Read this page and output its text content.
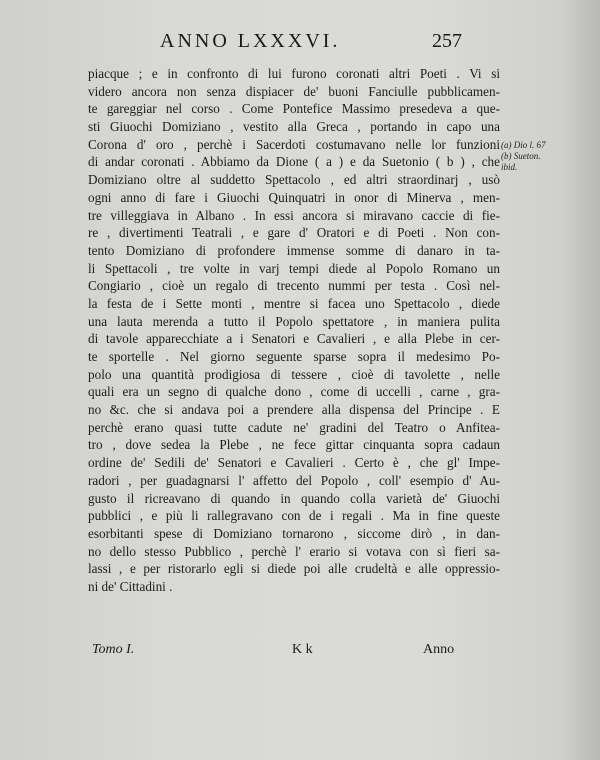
ANNO LXXXVI.	257
piacque ; e in confronto di lui furono coronati altri Poeti . Vi si
videro ancora non senza dispiacer de' buoni Fanciulle pubblicamen-
te gareggiar nel corso . Come Pontefice Massimo presedeva a que-
sti Giuochi Domiziano , vestito alla Greca , portando in capo una
Corona d' oro , perchè i Sacerdoti costumavano nelle lor funzioni
di andar coronati . Abbiamo da Dione ( a ) e da Suetonio ( b ) , che
Domiziano oltre al suddetto Spettacolo , ed altri straordinarj , usò
ogni anno di fare i Giuochi Quinquatri in onor di Minerva , men-
tre villeggiava in Albano . In essi ancora si miravano caccie di fie-
re , divertimenti Teatrali , e gare d' Oratori e di Poeti . Non con-
tento Domiziano di profondere immense somme di danaro in ta-
li Spettacoli , tre volte in varj tempi diede al Popolo Romano un
Congiario , cioè un regalo di trecento nummi per testa . Così nel-
la festa de i Sette monti , mentre si facea uno Spettacolo , diede
una lauta merenda a tutto il Popolo spettatore , in maniera pulita
di tavole apparecchiate a i Senatori e Cavalieri , e alla Plebe in cer-
te sportelle . Nel giorno seguente sparse sopra il medesimo Po-
polo una quantità prodigiosa di tessere , cioè di tavolette , nelle
quali era un segno di qualche dono , come di uccelli , carne , gra-
no &c. che si andava poi a prendere alla dispensa del Principe . E
perchè erano quasi tutte cadute ne' gradini del Teatro o Anfitea-
tro , dove sedea la Plebe , ne fece gittar cinquanta sopra cadaun
ordine de' Sedili de' Senatori e Cavalieri . Certo è , che gl' Impe-
radori , per guadagnarsi l' affetto del Popolo , coll' esempio d' Au-
gusto il ricreavano di quando in quando colla varietà de' Giuochi
pubblici , e più li rallegravano con de i regali . Ma in fine queste
esorbitanti spese di Domiziano tornarono , siccome dirò , in dan-
no dello stesso Pubblico , perchè l' erario si votava con sì fieri sa-
lassi , e per ristorarlo egli si diede poi alle crudeltà e alle oppressio-
ni de' Cittadini .
(a) Dio l. 67
(b) Sueton.
ibid.

Tomo I.	K k	Anno
